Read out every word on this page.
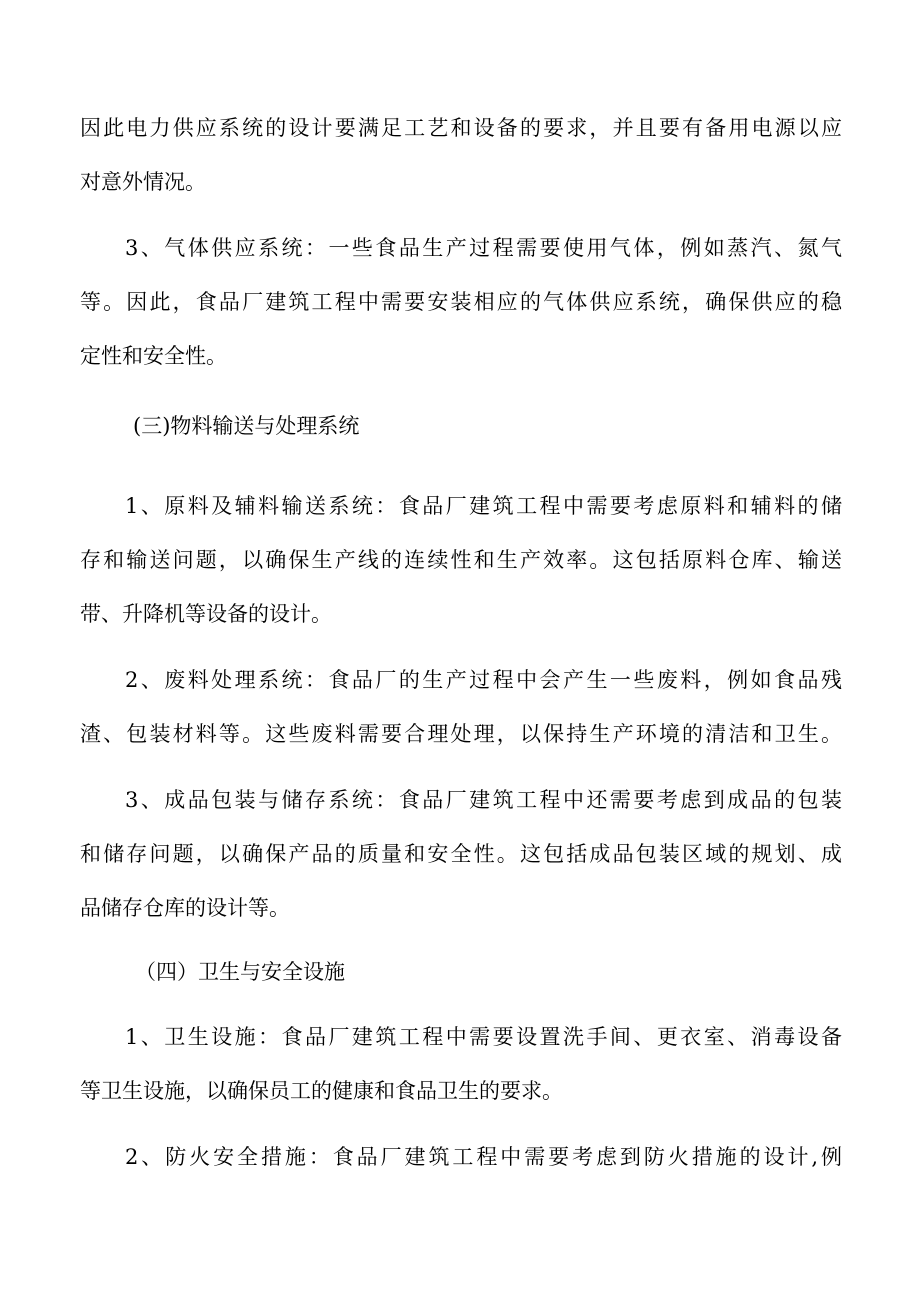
因此电力供应系统的设计要满足工艺和设备的要求，并且要有备用电源以应
对意外情况。
3、气体供应系统：一些食品生产过程需要使用气体，例如蒸汽、氮气
等。因此，食品厂建筑工程中需要安装相应的气体供应系统，确保供应的稳
定性和安全性。
(三)物料输送与处理系统
1、原料及辅料输送系统：食品厂建筑工程中需要考虑原料和辅料的储
存和输送问题，以确保生产线的连续性和生产效率。这包括原料仓库、输送
带、升降机等设备的设计。
2、废料处理系统：食品厂的生产过程中会产生一些废料，例如食品残
渣、包装材料等。这些废料需要合理处理，以保持生产环境的清洁和卫生。
3、成品包装与储存系统：食品厂建筑工程中还需要考虑到成品的包装
和储存问题，以确保产品的质量和安全性。这包括成品包装区域的规划、成
品储存仓库的设计等。
（四）卫生与安全设施
1、卫生设施：食品厂建筑工程中需要设置洗手间、更衣室、消毒设备
等卫生设施，以确保员工的健康和食品卫生的要求。
2、防火安全措施：食品厂建筑工程中需要考虑到防火措施的设计,例
